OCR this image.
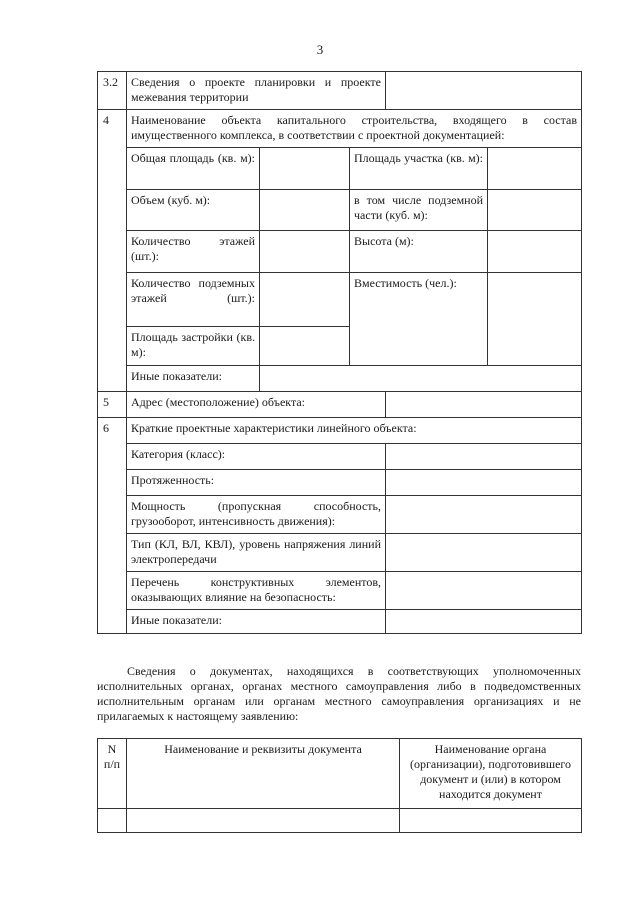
3
3.2	Сведения о проекте планировки и проекте межевания территории				
4	Наименование объекта капитального строительства, входящего в состав имущественного комплекса, в соответствии с проектной документацией:				
	Общая площадь (кв. м):		Площадь участка (кв. м):		
	Объем (куб. м):		в том числе подземной части (куб. м):		
	Количество этажей (шт.):		Высота (м):		
	Количество подземных этажей (шт.):		Вместимость (чел.):		
	Площадь застройки (кв. м):				
	Иные показатели:				
5	Адрес (местоположение) объекта:				
6	Краткие проектные характеристики линейного объекта:				
	Категория (класс):				
	Протяженность:				
	Мощность (пропускная способность, грузооборот, интенсивность движения):				
	Тип (КЛ, ВЛ, КВЛ), уровень напряжения линий электропередачи				
	Перечень конструктивных элементов, оказывающих влияние на безопасность:				
	Иные показатели:				
Сведения о документах, находящихся в соответствующих уполномоченных исполнительных органах, органах местного самоуправления либо в подведомственных исполнительным органам или органам местного самоуправления организациях и не прилагаемых к настоящему заявлению:
N п/п	Наименование и реквизиты документа	Наименование органа (организации), подготовившего документ и (или) в котором находится документ
